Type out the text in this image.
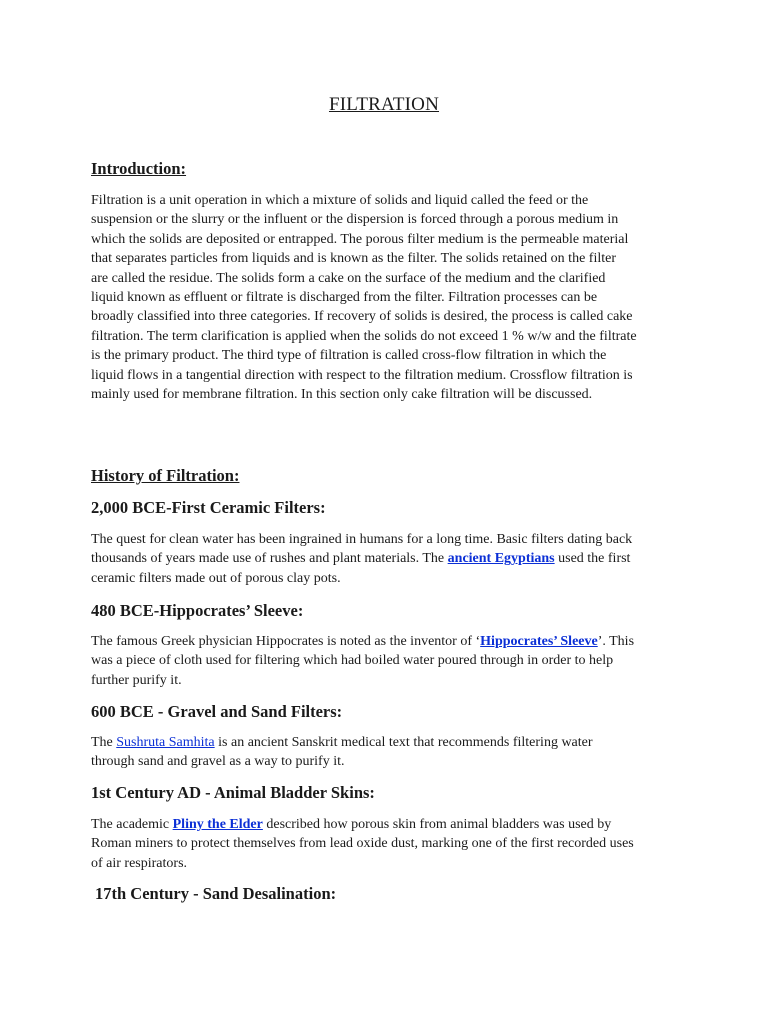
FILTRATION
Introduction:

Filtration is a unit operation in which a mixture of solids and liquid called the feed or the
suspension or the slurry or the influent or the dispersion is forced through a porous medium in
which the solids are deposited or entrapped. The porous filter medium is the permeable material
that separates particles from liquids and is known as the filter. The solids retained on the filter
are called the residue. The solids form a cake on the surface of the medium and the clarified
liquid known as effluent or filtrate is discharged from the filter. Filtration processes can be
broadly classified into three categories. If recovery of solids is desired, the process is called cake
filtration. The term clarification is applied when the solids do not exceed 1 % w/w and the filtrate
is the primary product. The third type of filtration is called cross-flow filtration in which the
liquid flows in a tangential direction with respect to the filtration medium. Crossflow filtration is
mainly used for membrane filtration. In this section only cake filtration will be discussed.

History of Filtration:
2,000 BCE-First Ceramic Filters:

The quest for clean water has been ingrained in humans for a long time. Basic filters dating back
thousands of years made use of rushes and plant materials. The ancient Egyptians used the first
ceramic filters made out of porous clay pots.

480 BCE-Hippocrates’ Sleeve:

The famous Greek physician Hippocrates is noted as the inventor of ‘Hippocrates’ Sleeve’. This
was a piece of cloth used for filtering which had boiled water poured through in order to help
further purify it.

600 BCE - Gravel and Sand Filters:

The Sushruta Samhita is an ancient Sanskrit medical text that recommends filtering water
through sand and gravel as a way to purify it.

1st Century AD - Animal Bladder Skins:

The academic Pliny the Elder described how porous skin from animal bladders was used by
Roman miners to protect themselves from lead oxide dust, marking one of the first recorded uses
of air respirators.

17th Century - Sand Desalination:
